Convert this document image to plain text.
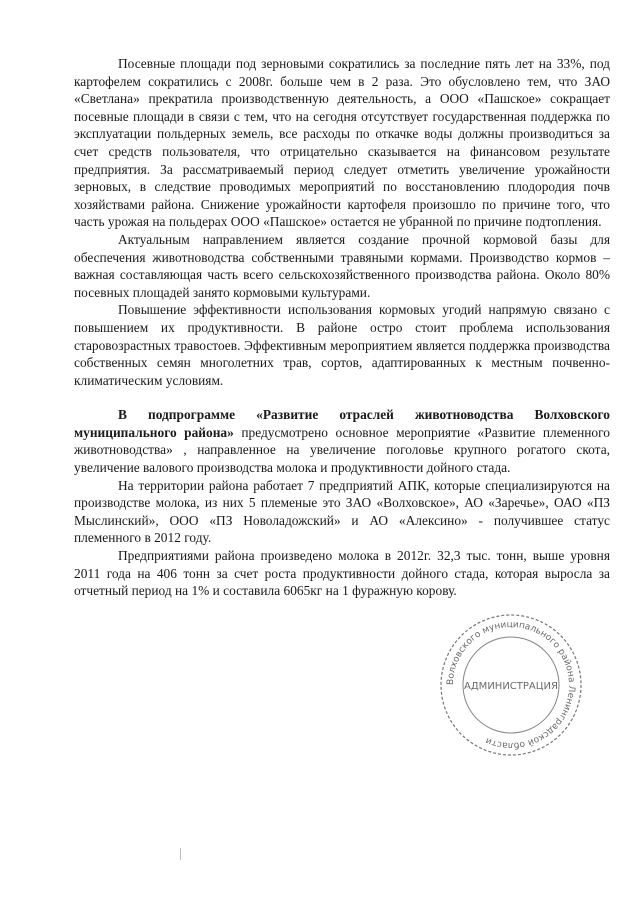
Посевные площади под зерновыми сократились за последние пять лет на 33%, под картофелем сократились с 2008г. больше чем в 2 раза. Это обусловлено тем, что ЗАО «Светлана» прекратила производственную деятельность, а ООО «Пашское» сокращает посевные площади в связи с тем, что на сегодня отсутствует государственная поддержка по эксплуатации польдерных земель, все расходы по откачке воды должны производиться за счет средств пользователя, что отрицательно сказывается на финансовом результате предприятия. За рассматриваемый период следует отметить увеличение урожайности зерновых, в следствие проводимых мероприятий по восстановлению плодородия почв хозяйствами района. Снижение урожайности картофеля произошло по причине того, что часть урожая на польдерах ООО «Пашское» остается не убранной по причине подтопления.

Актуальным направлением является создание прочной кормовой базы для обеспечения животноводства собственными травяными кормами. Производство кормов – важная составляющая часть всего сельскохозяйственного производства района. Около 80% посевных площадей занято кормовыми культурами.

Повышение эффективности использования кормовых угодий напрямую связано с повышением их продуктивности. В районе остро стоит проблема использования старовозрастных травостоев. Эффективным мероприятием является поддержка производства собственных семян многолетних трав, сортов, адаптированных к местным почвенно-климатическим условиям.

В подпрограмме «Развитие отраслей животноводства Волховского муниципального района» предусмотрено основное мероприятие «Развитие племенного животноводства» , направленное на увеличение поголовье крупного рогатого скота, увеличение валового производства молока и продуктивности дойного стада.

На территории района работает 7 предприятий АПК, которые специализируются на производстве молока, из них 5 племеные это ЗАО «Волховское», АО «Заречье», ОАО «ПЗ Мыслинский», ООО «ПЗ Новоладожский» и АО «Алексино» - получившее статус племенного в 2012 году.

Предприятиями района произведено молока в 2012г. 32,3 тыс. тонн, выше уровня 2011 года на 406 тонн за счет роста продуктивности дойного стада, которая выросла за отчетный период на 1% и составила 6065кг на 1 фуражную корову.

Волховского муниципального района Ленинградской области
АДМИНИСТРАЦИЯ
